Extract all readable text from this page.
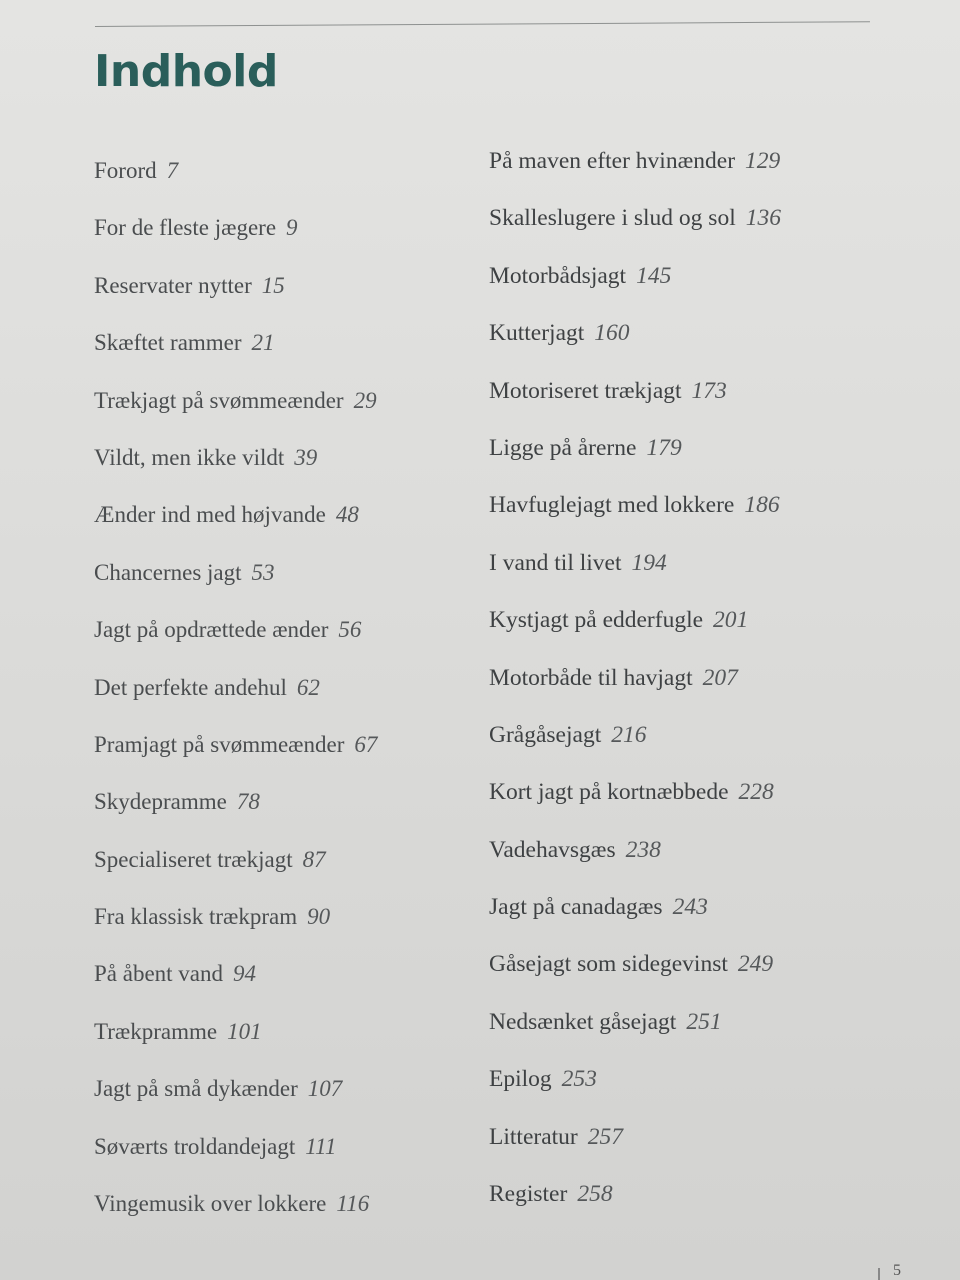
Indhold
Forord 7
For de fleste jægere 9
Reservater nytter 15
Skæftet rammer 21
Trækjagt på svømmeænder 29
Vildt, men ikke vildt 39
Ænder ind med højvande 48
Chancernes jagt 53
Jagt på opdrættede ænder 56
Det perfekte andehul 62
Pramjagt på svømmeænder 67
Skydepramme 78
Specialiseret trækjagt 87
Fra klassisk trækpram 90
På åbent vand 94
Trækpramme 101
Jagt på små dykænder 107
Søværts troldandejagt 111
Vingemusik over lokkere 116
På maven efter hvinænder 129
Skalleslugere i slud og sol 136
Motorbådsjagt 145
Kutterjagt 160
Motoriseret trækjagt 173
Ligge på årerne 179
Havfuglejagt med lokkere 186
I vand til livet 194
Kystjagt på edderfugle 201
Motorbåde til havjagt 207
Grågåsejagt 216
Kort jagt på kortnæbbede 228
Vadehavsgæs 238
Jagt på canadagæs 243
Gåsejagt som sidegevinst 249
Nedsænket gåsejagt 251
Epilog 253
Litteratur 257
Register 258
5
